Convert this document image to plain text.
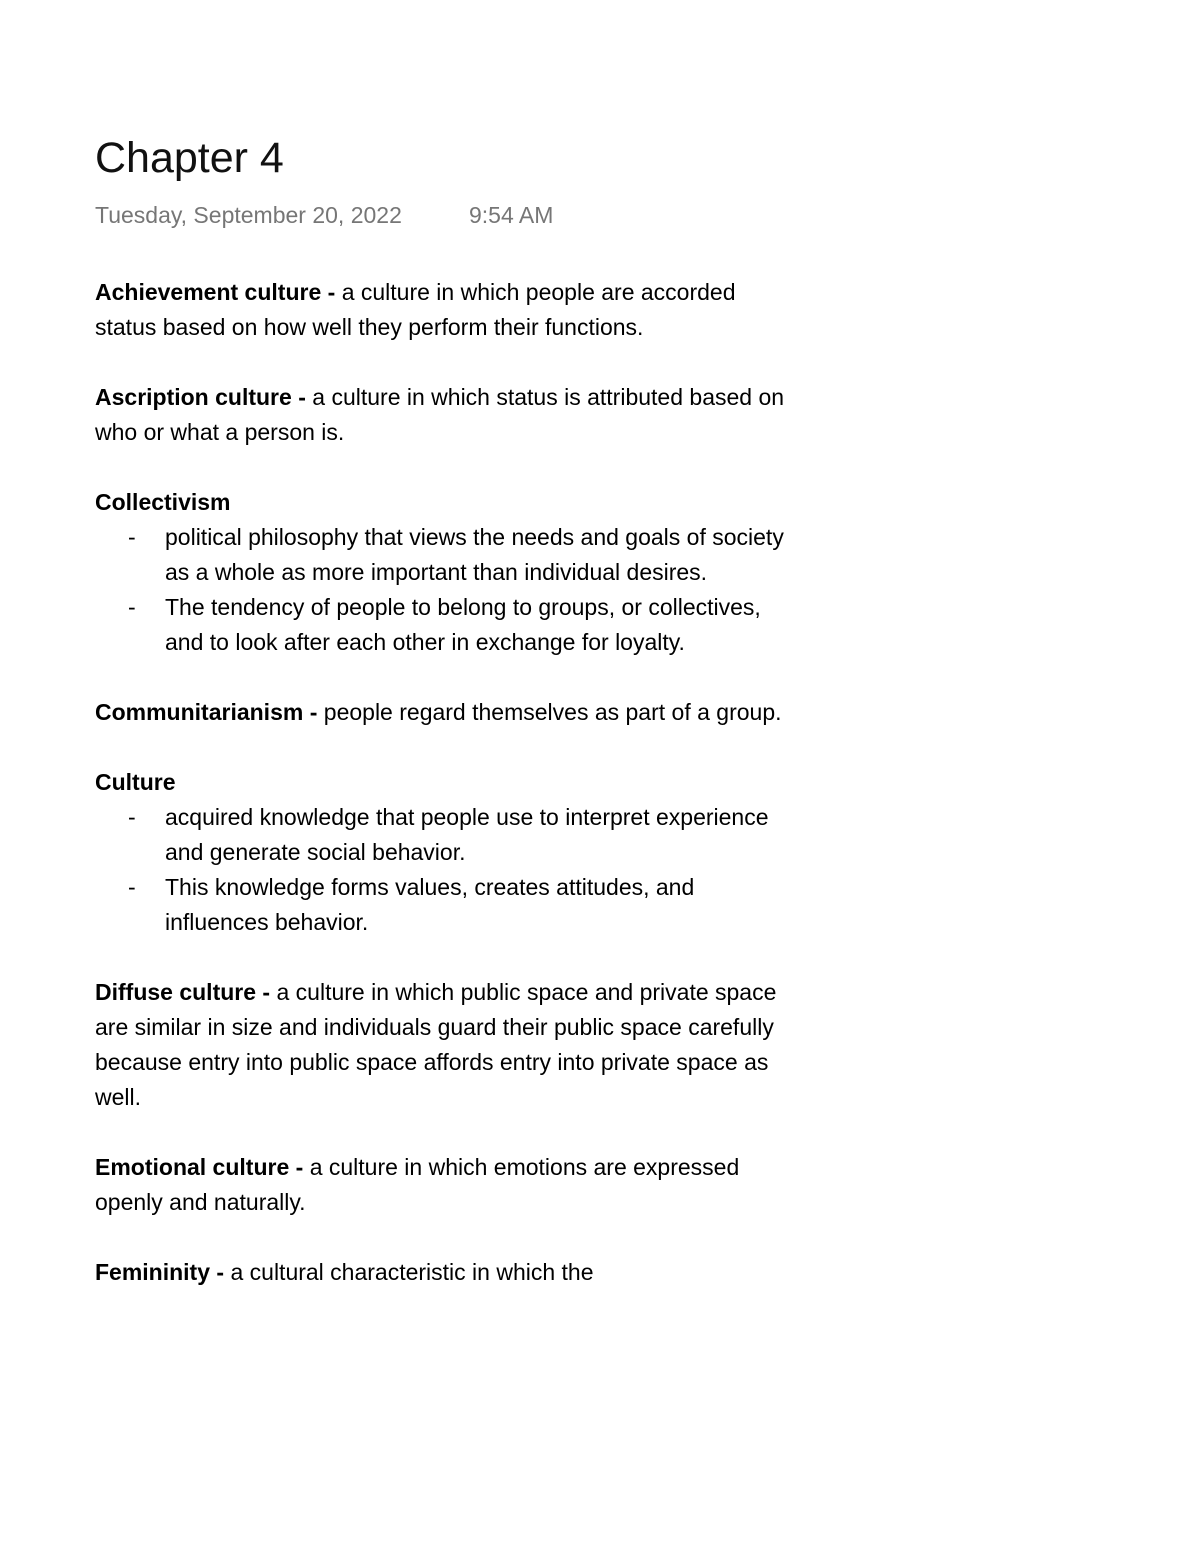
Chapter 4
Tuesday, September 20, 2022	9:54 AM

Achievement culture - a culture in which people are accorded status based on how well they perform their functions.

Ascription culture - a culture in which status is attributed based on who or what a person is.

Collectivism
- political philosophy that views the needs and goals of society as a whole as more important than individual desires.
- The tendency of people to belong to groups, or collectives, and to look after each other in exchange for loyalty.

Communitarianism - people regard themselves as part of a group.

Culture
- acquired knowledge that people use to interpret experience and generate social behavior.
- This knowledge forms values, creates attitudes, and influences behavior.

Diffuse culture - a culture in which public space and private space are similar in size and individuals guard their public space carefully because entry into public space affords entry into private space as well.

Emotional culture - a culture in which emotions are expressed openly and naturally.

Femininity - a cultural characteristic in which the
